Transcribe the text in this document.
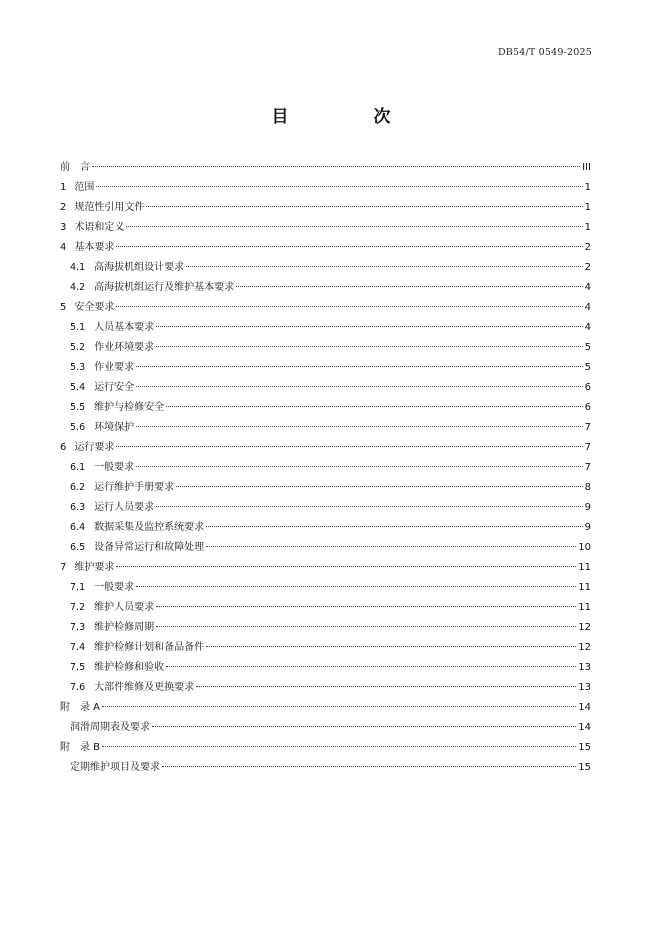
DB54/T 0549-2025
目　次
前　言	III
1 范围	1
2 规范性引用文件	1
3 术语和定义	1
4 基本要求	2
4.1 高海拔机组设计要求	2
4.2 高海拔机组运行及维护基本要求	4
5 安全要求	4
5.1 人员基本要求	4
5.2 作业环境要求	5
5.3 作业要求	5
5.4 运行安全	6
5.5 维护与检修安全	6
5.6 环境保护	7
6 运行要求	7
6.1 一般要求	7
6.2 运行维护手册要求	8
6.3 运行人员要求	9
6.4 数据采集及监控系统要求	9
6.5 设备异常运行和故障处理	10
7 维护要求	11
7.1 一般要求	11
7.2 维护人员要求	11
7.3 维护检修周期	12
7.4 维护检修计划和备品备件	12
7.5 维护检修和验收	13
7.6 大部件维修及更换要求	13
附　录 A	14
润滑周期表及要求	14
附　录 B	15
定期维护项目及要求	15
